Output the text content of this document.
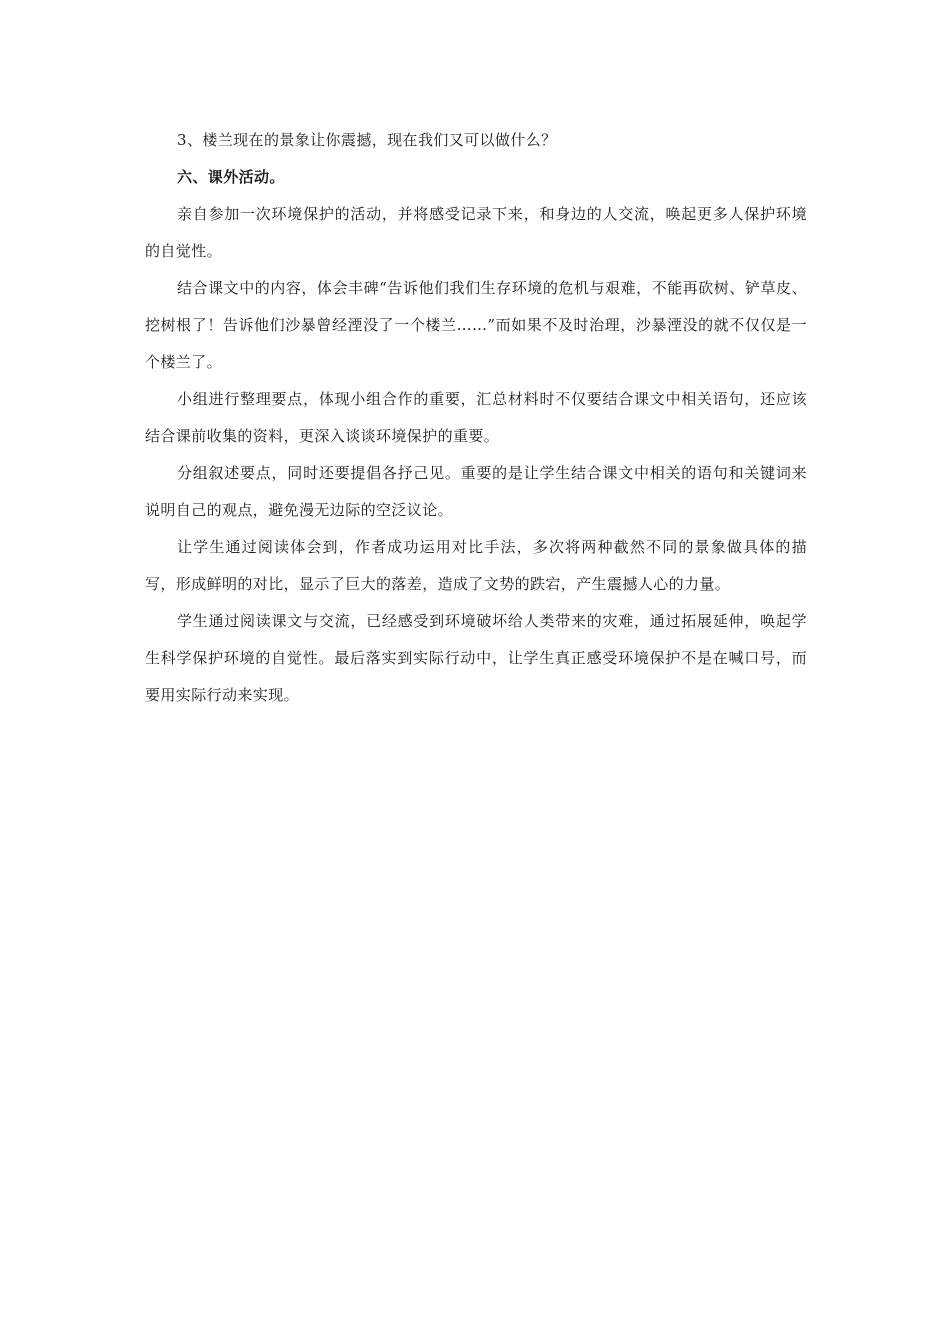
3、楼兰现在的景象让你震撼，现在我们又可以做什么？

六、课外活动。

亲自参加一次环境保护的活动，并将感受记录下来，和身边的人交流，唤起更多人保护环境的自觉性。

结合课文中的内容，体会丰碑“告诉他们我们生存环境的危机与艰难，不能再砍树、铲草皮、挖树根了！告诉他们沙暴曾经湮没了一个楼兰……”而如果不及时治理，沙暴湮没的就不仅仅是一个楼兰了。

小组进行整理要点，体现小组合作的重要，汇总材料时不仅要结合课文中相关语句，还应该结合课前收集的资料，更深入谈谈环境保护的重要。

分组叙述要点，同时还要提倡各抒己见。重要的是让学生结合课文中相关的语句和关键词来说明自己的观点，避免漫无边际的空泛议论。

让学生通过阅读体会到，作者成功运用对比手法，多次将两种截然不同的景象做具体的描写，形成鲜明的对比，显示了巨大的落差，造成了文势的跌宕，产生震撼人心的力量。

学生通过阅读课文与交流，已经感受到环境破坏给人类带来的灾难，通过拓展延伸，唤起学生科学保护环境的自觉性。最后落实到实际行动中，让学生真正感受环境保护不是在喊口号，而要用实际行动来实现。
